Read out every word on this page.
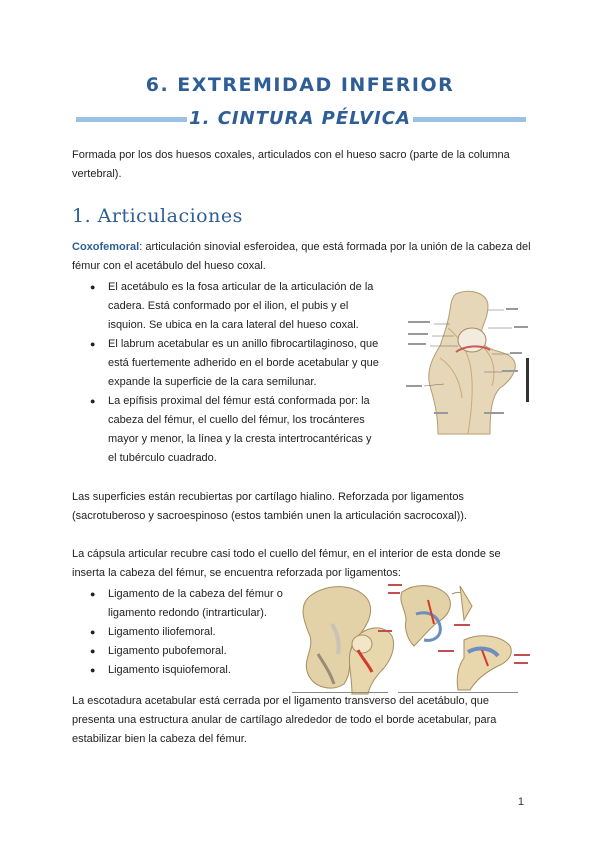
6. EXTREMIDAD INFERIOR
1. CINTURA PÉLVICA
Formada por los dos huesos coxales, articulados con el hueso sacro (parte de la columna vertebral).
1. Articulaciones
Coxofemoral: articulación sinovial esferoidea, que está formada por la unión de la cabeza del fémur con el acetábulo del hueso coxal.
● El acetábulo es la fosa articular de la articulación de la cadera. Está conformado por el ilion, el pubis y el isquion. Se ubica en la cara lateral del hueso coxal.
● El labrum acetabular es un anillo fibrocartilaginoso, que está fuertemente adherido en el borde acetabular y que expande la superficie de la cara semilunar.
● La epífisis proximal del fémur está conformada por: la cabeza del fémur, el cuello del fémur, los trocánteres mayor y menor, la línea y la cresta intertrocantéricas y el tubérculo cuadrado.
Las superficies están recubiertas por cartílago hialino. Reforzada por ligamentos (sacrotuberoso y sacroespinoso (estos también unen la articulación sacrocoxal)).
La cápsula articular recubre casi todo el cuello del fémur, en el interior de esta donde se inserta la cabeza del fémur, se encuentra reforzada por ligamentos:
● Ligamento de la cabeza del fémur o ligamento redondo (intrarticular).
● Ligamento iliofemoral.
● Ligamento pubofemoral.
● Ligamento isquiofemoral.
La escotadura acetabular está cerrada por el ligamento transverso del acetábulo, que presenta una estructura anular de cartílago alrededor de todo el borde acetabular, para estabilizar bien la cabeza del fémur.
1
